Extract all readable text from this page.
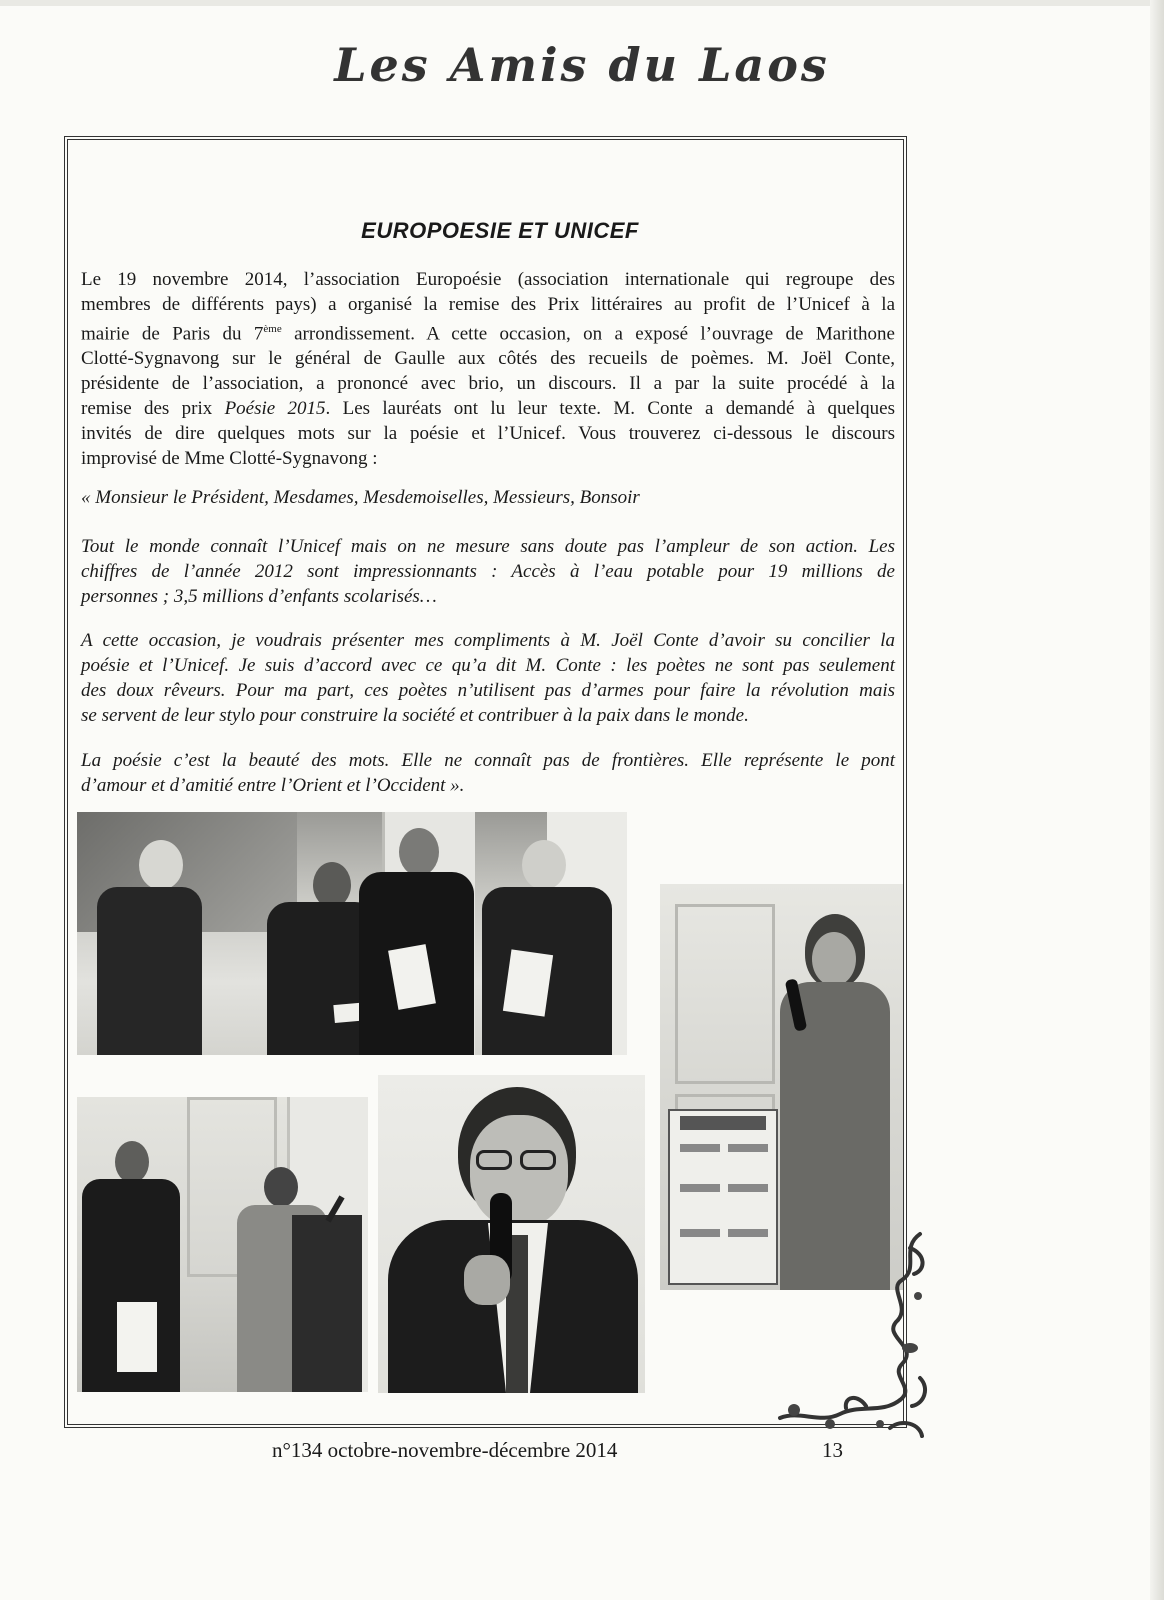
Les Amis du Laos
EUROPOESIE ET UNICEF
Le 19 novembre 2014, l’association Europoésie (association internationale qui regroupe des
membres de différents pays) a organisé la remise des Prix littéraires au profit de l’Unicef à la
mairie de Paris du 7ème arrondissement. A cette occasion, on a exposé l’ouvrage de Marithone
Clotté-Sygnavong sur le général de Gaulle aux côtés des recueils de poèmes. M. Joël Conte,
présidente de l’association, a prononcé avec brio, un discours. Il a par la suite procédé à la
remise des prix Poésie 2015. Les lauréats ont lu leur texte. M. Conte a demandé à quelques
invités de dire quelques mots sur la poésie et l’Unicef. Vous trouverez ci-dessous le discours
improvisé de Mme Clotté-Sygnavong :
« Monsieur le Président, Mesdames, Mesdemoiselles, Messieurs, Bonsoir
Tout le monde connaît l’Unicef mais on ne mesure sans doute pas l’ampleur de son action. Les
chiffres de l’année 2012 sont impressionnants : Accès à l’eau potable pour 19 millions de
personnes ; 3,5 millions d’enfants scolarisés…
A cette occasion, je voudrais présenter mes compliments à M. Joël Conte d’avoir su concilier la
poésie et l’Unicef. Je suis d’accord avec ce qu’a dit M. Conte : les poètes ne sont pas seulement
des doux rêveurs. Pour ma part, ces poètes n’utilisent pas d’armes pour faire la révolution mais
se servent de leur stylo pour construire la société et contribuer à la paix dans le monde.
La poésie c’est la beauté des mots. Elle ne connaît pas de frontières. Elle représente le pont
d’amour et d’amitié entre l’Orient et l’Occident ».
n°134 octobre-novembre-décembre 2014	13
